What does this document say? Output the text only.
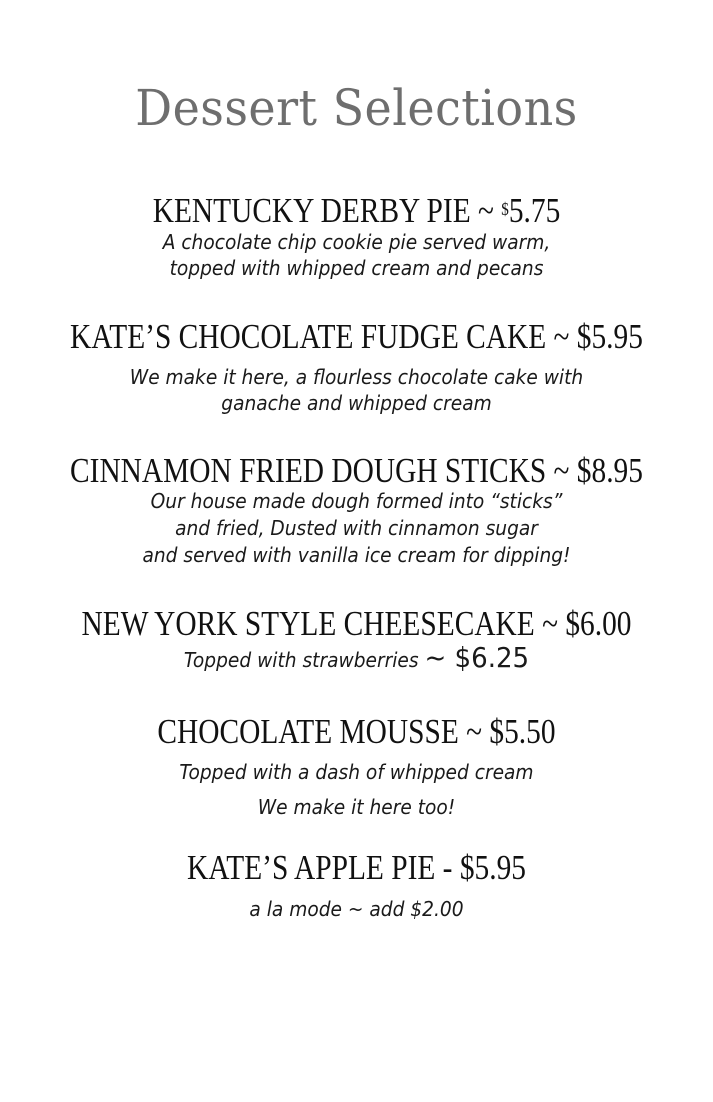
Dessert Selections
KENTUCKY DERBY PIE ~ $5.75
A chocolate chip cookie pie served warm,
topped with whipped cream and pecans
KATE’S CHOCOLATE FUDGE CAKE ~ $5.95
We make it here, a flourless chocolate cake with
ganache and whipped cream
CINNAMON FRIED DOUGH STICKS ~ $8.95
Our house made dough formed into “sticks”
and fried, Dusted with cinnamon sugar
and served with vanilla ice cream for dipping!
NEW YORK STYLE CHEESECAKE ~ $6.00
Topped with strawberries ~ $6.25
CHOCOLATE MOUSSE ~ $5.50
Topped with a dash of whipped cream
We make it here too!
KATE’S APPLE PIE - $5.95
a la mode ~ add $2.00
